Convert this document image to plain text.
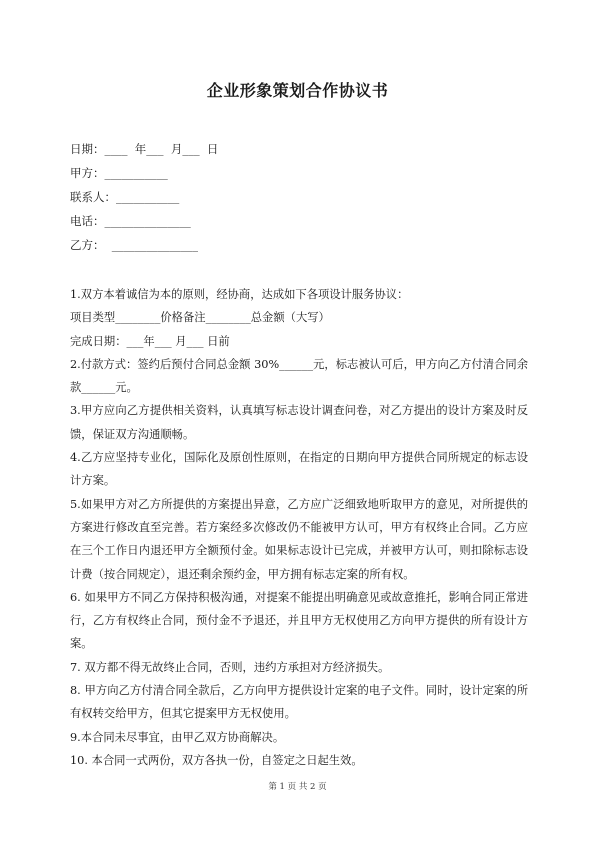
企业形象策划合作协议书
日期：____  年___  月___  日
甲方：___________
联系人：___________
电话：_______________
乙方：  _______________

1.双方本着诚信为本的原则，经协商，达成如下各项设计服务协议：

项目类型________价格备注________总金额（大写）

完成日期：___年___ 月___ 日前

2.付款方式：签约后预付合同总金额 30%______元，标志被认可后，甲方向乙方付清合同余款______元。

3.甲方应向乙方提供相关资料，认真填写标志设计调查问卷，对乙方提出的设计方案及时反馈，保证双方沟通顺畅。

4.乙方应坚持专业化，国际化及原创性原则，在指定的日期向甲方提供合同所规定的标志设计方案。

5.如果甲方对乙方所提供的方案提出异意，乙方应广泛细致地听取甲方的意见，对所提供的方案进行修改直至完善。若方案经多次修改仍不能被甲方认可，甲方有权终止合同。乙方应在三个工作日内退还甲方全额预付金。如果标志设计已完成，并被甲方认可，则扣除标志设计费（按合同规定），退还剩余预约金，甲方拥有标志定案的所有权。

6. 如果甲方不同乙方保持积极沟通，对提案不能提出明确意见或故意推托，影响合同正常进行，乙方有权终止合同，预付金不予退还，并且甲方无权使用乙方向甲方提供的所有设计方案。

7. 双方都不得无故终止合同，否则，违约方承担对方经济损失。

8. 甲方向乙方付清合同全款后，乙方向甲方提供设计定案的电子文件。同时，设计定案的所有权转交给甲方，但其它提案甲方无权使用。

9.本合同未尽事宜，由甲乙双方协商解决。

10. 本合同一式两份，双方各执一份，自签定之日起生效。

第 1 页 共 2 页
